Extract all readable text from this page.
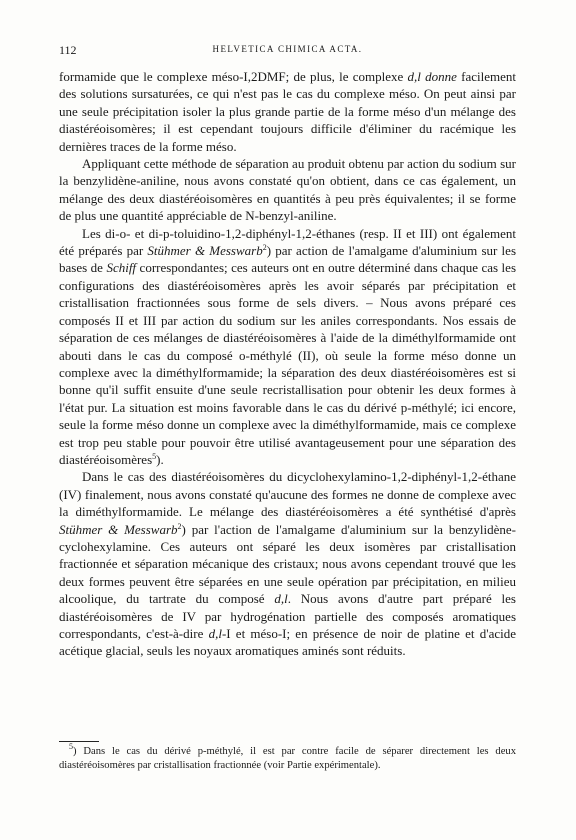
112	HELVETICA CHIMICA ACTA.

formamide que le complexe méso-I,2DMF; de plus, le complexe d,l donne facilement des solutions sursaturées, ce qui n'est pas le cas du complexe méso. On peut ainsi par une seule précipitation isoler la plus grande partie de la forme méso d'un mélange des diastéréoisomères; il est cependant toujours difficile d'éliminer du racémique les dernières traces de la forme méso.

Appliquant cette méthode de séparation au produit obtenu par action du sodium sur la benzylidène-aniline, nous avons constaté qu'on obtient, dans ce cas également, un mélange des deux diastéréoisomères en quantités à peu près équivalentes; il se forme de plus une quantité appréciable de N-benzyl-aniline.

Les di-o- et di-p-toluidino-1,2-diphényl-1,2-éthanes (resp. II et III) ont également été préparés par Stühmer & Messwarb$^2$) par action de l'amalgame d'aluminium sur les bases de Schiff correspondantes; ces auteurs ont en outre déterminé dans chaque cas les configurations des diastéréoisomères après les avoir séparés par précipitation et cristallisation fractionnées sous forme de sels divers. – Nous avons préparé ces composés II et III par action du sodium sur les aniles correspondants. Nos essais de séparation de ces mélanges de diastéréoisomères à l'aide de la diméthylformamide ont abouti dans le cas du composé o-méthylé (II), où seule la forme méso donne un complexe avec la diméthylformamide; la séparation des deux diastéréoisomères est si bonne qu'il suffit ensuite d'une seule recristallisation pour obtenir les deux formes à l'état pur. La situation est moins favorable dans le cas du dérivé p-méthylé; ici encore, seule la forme méso donne un complexe avec la diméthylformamide, mais ce complexe est trop peu stable pour pouvoir être utilisé avantageusement pour une séparation des diastéréoisomères$^5$).

Dans le cas des diastéréoisomères du dicyclohexylamino-1,2-diphényl-1,2-éthane (IV) finalement, nous avons constaté qu'aucune des formes ne donne de complexe avec la diméthylformamide. Le mélange des diastéréoisomères a été synthétisé d'après Stühmer & Messwarb$^2$) par l'action de l'amalgame d'aluminium sur la benzylidène-cyclohexylamine. Ces auteurs ont séparé les deux isomères par cristallisation fractionnée et séparation mécanique des cristaux; nous avons cependant trouvé que les deux formes peuvent être séparées en une seule opération par précipitation, en milieu alcoolique, du tartrate du composé d,l. Nous avons d'autre part préparé les diastéréoisomères de IV par hydrogénation partielle des composés aromatiques correspondants, c'est-à-dire d,l-I et méso-I; en présence de noir de platine et d'acide acétique glacial, seuls les noyaux aromatiques aminés sont réduits.

$^5$) Dans le cas du dérivé p-méthylé, il est par contre facile de séparer directement les deux diastéréoisomères par cristallisation fractionnée (voir Partie expérimentale).
